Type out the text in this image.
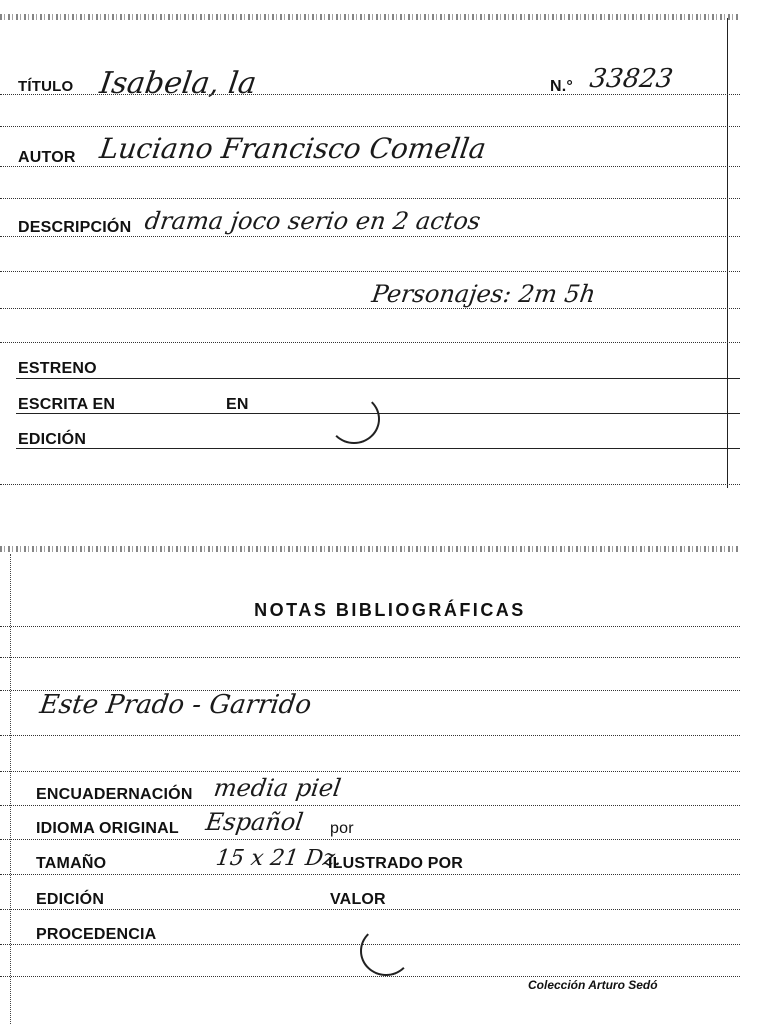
TÍTULO Isabela, la	N.° 33823
AUTOR Luciano Francisco Comella
DESCRIPCIÓN drama joco serio en 2 actos
Personajes: 2m 5h
ESTRENO
ESCRITA EN	EN
EDICIÓN
NOTAS BIBLIOGRÁFICAS
Este Prado - Garrido
ENCUADERNACIÓN media piel
IDIOMA ORIGINAL Español por
TAMAÑO	15 x 21 Dz.
ILUSTRADO POR
EDICIÓN	VALOR
PROCEDENCIA
Colección Arturo Sedó
